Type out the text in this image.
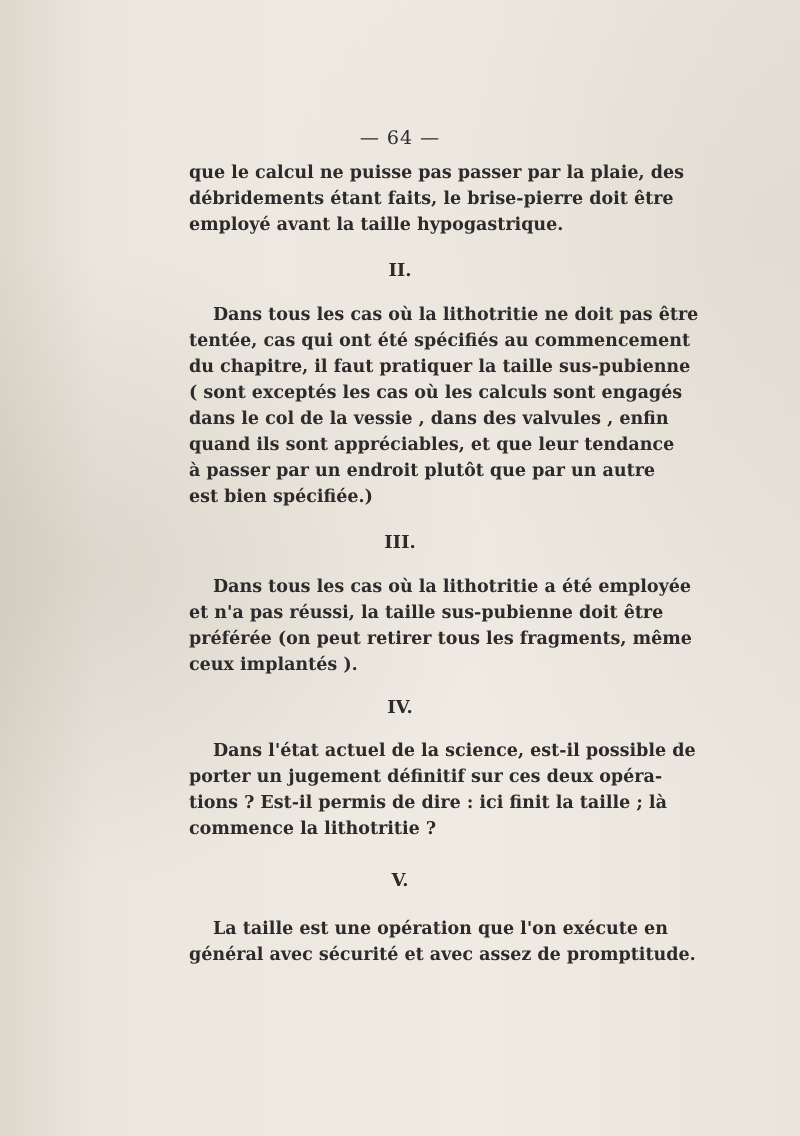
— 64 —
que le calcul ne puisse pas passer par la plaie, des
débridements étant faits, le brise-pierre doit être
employé avant la taille hypogastrique.
II.
Dans tous les cas où la lithotritie ne doit pas être
tentée, cas qui ont été spécifiés au commencement
du chapitre, il faut pratiquer la taille sus-pubienne
( sont exceptés les cas où les calculs sont engagés
dans le col de la vessie , dans des valvules , enfin
quand ils sont appréciables, et que leur tendance
à passer par un endroit plutôt que par un autre
est bien spécifiée.)
III.
Dans tous les cas où la lithotritie a été employée
et n'a pas réussi, la taille sus-pubienne doit être
préférée (on peut retirer tous les fragments, même
ceux implantés ).
IV.
Dans l'état actuel de la science, est-il possible de
porter un jugement définitif sur ces deux opéra-
tions ? Est-il permis de dire : ici finit la taille ; là
commence la lithotritie ?
V.
La taille est une opération que l'on exécute en
général avec sécurité et avec assez de promptitude.
